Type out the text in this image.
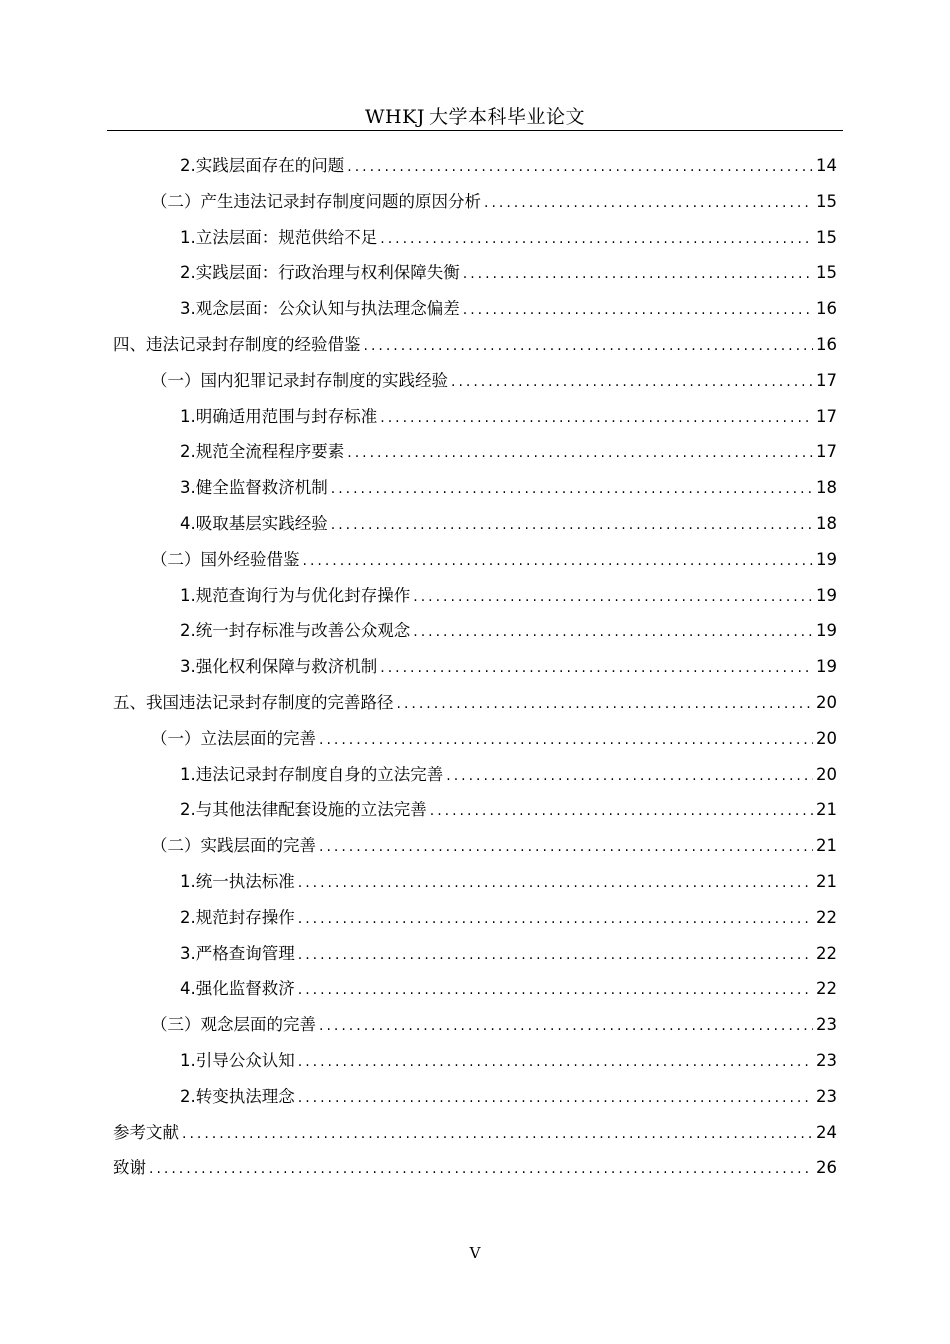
WHKJ 大学本科毕业论文
2.实践层面存在的问题 .....	14
（二）产生违法记录封存制度问题的原因分析 .....	15
1.立法层面：规范供给不足 .....	15
2.实践层面：行政治理与权利保障失衡 .....	15
3.观念层面：公众认知与执法理念偏差 .....	16
四、违法记录封存制度的经验借鉴 .....	16
（一）国内犯罪记录封存制度的实践经验 .....	17
1.明确适用范围与封存标准 .....	17
2.规范全流程程序要素 .....	17
3.健全监督救济机制 .....	18
4.吸取基层实践经验 .....	18
（二）国外经验借鉴 .....	19
1.规范查询行为与优化封存操作 .....	19
2.统一封存标准与改善公众观念 .....	19
3.强化权利保障与救济机制 .....	19
五、我国违法记录封存制度的完善路径 .....	20
（一）立法层面的完善 .....	20
1.违法记录封存制度自身的立法完善 .....	20
2.与其他法律配套设施的立法完善 .....	21
（二）实践层面的完善 .....	21
1.统一执法标准 .....	21
2.规范封存操作 .....	22
3.严格查询管理 .....	22
4.强化监督救济 .....	22
（三）观念层面的完善 .....	23
1.引导公众认知 .....	23
2.转变执法理念 .....	23
参考文献 .....	24
致谢 .....	26
V
